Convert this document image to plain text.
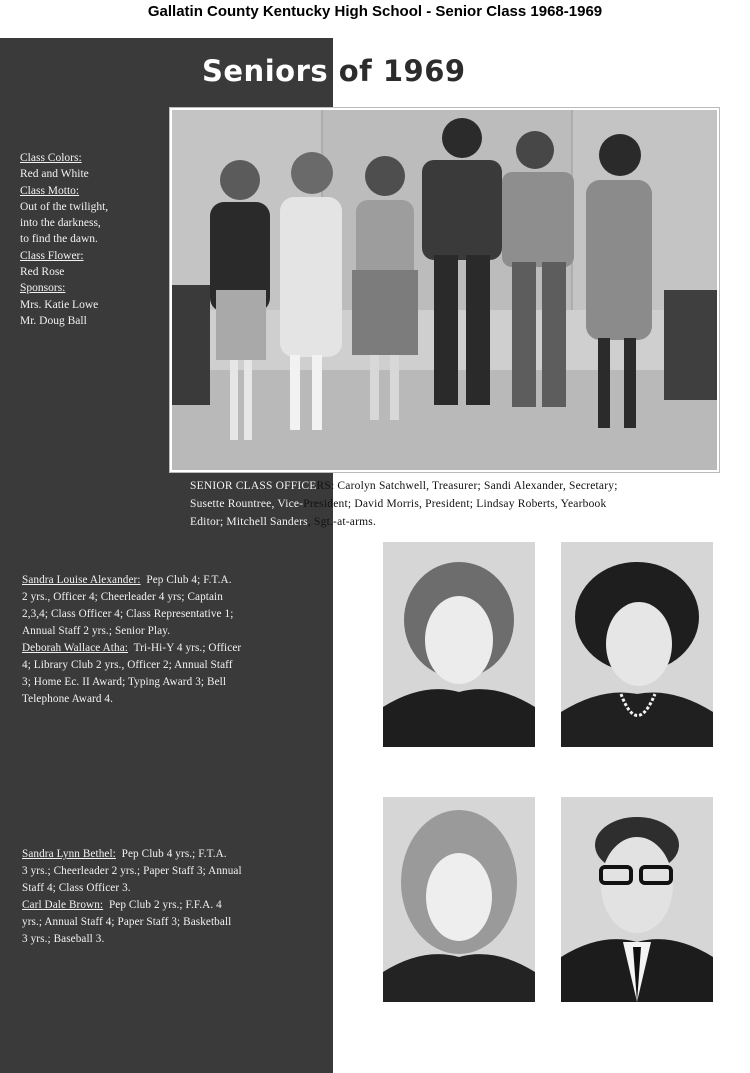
Gallatin County Kentucky High School - Senior Class 1968-1969
Seniors of 1969
Class Colors:
Red and White
Class Motto:
Out of the twilight,
into the darkness,
to find the dawn.
Class Flower:
Red Rose
Sponsors:
Mrs. Katie Lowe
Mr. Doug Ball
SENIOR CLASS OFFICERS: Carolyn Satchwell, Treasurer; Sandi Alexander, Secretary;
Susette Rountree, Vice-President; David Morris, President; Lindsay Roberts, Yearbook
Editor; Mitchell Sanders, Sgt.-at-arms.
Sandra Louise Alexander: Pep Club 4; F.T.A.
2 yrs., Officer 4; Cheerleader 4 yrs; Captain
2,3,4; Class Officer 4; Class Representative 1;
Annual Staff 2 yrs.; Senior Play.
Deborah Wallace Atha: Tri-Hi-Y 4 yrs.; Officer
4; Library Club 2 yrs., Officer 2; Annual Staff
3; Home Ec. II Award; Typing Award 3; Bell
Telephone Award 4.
Sandra Lynn Bethel: Pep Club 4 yrs.; F.T.A.
3 yrs.; Cheerleader 2 yrs.; Paper Staff 3; Annual
Staff 4; Class Officer 3.
Carl Dale Brown: Pep Club 2 yrs.; F.F.A. 4
yrs.; Annual Staff 4; Paper Staff 3; Basketball
3 yrs.; Baseball 3.
